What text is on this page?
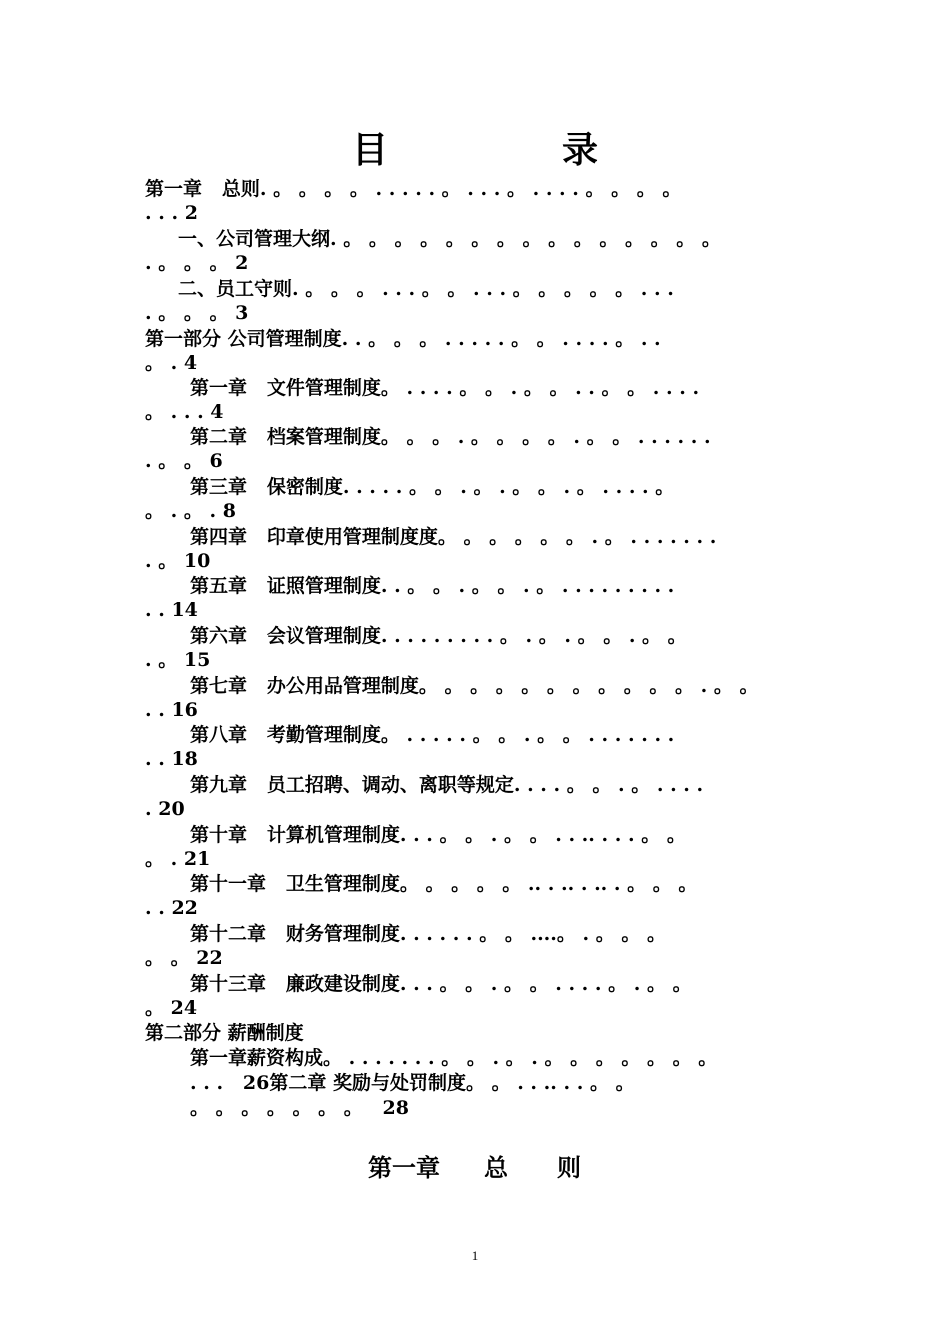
目	录
第一章   总则. 。 。 。 。 . . . . . 。 . . . 。 . . . . 。 。 。 。
. . . 2
一、公司管理大纲. 。 。 。 。 。 。 。 。 。 。 。 。 。 。 。
. 。 。 。 2
二、员工守则. 。 。 。 . . . 。 。 . . . 。 。 。 。 。 . . .
. 。 。 。 3
第一部分 公司管理制度. . 。 。 。 . . . . . 。 。 . . . . 。 . .
。 . 4
第一章   文件管理制度。 . . . . 。 。 . 。 。 . . 。 。 . . . .
。 . . . 4
第二章   档案管理制度。 。 。 . 。 。 。 。 . 。 。 . . . . . .
. 。 。 6
第三章   保密制度. . . . . 。 。 . 。 . 。 。 . 。 . . . . 。
。 . 。 . 8
第四章   印章使用管理制度度。 。 。 。 。 。 . 。 . . . . . . .
. 。 10
第五章   证照管理制度. . 。 。 . 。 。 . 。 . . . . . . . . .
. . 14
第六章   会议管理制度. . . . . . . . . 。 . 。 . 。 。 . 。 。
. 。 15
第七章   办公用品管理制度。 。 。 。 。 。 。 。 。 。 。 . 。 。
. . 16
第八章   考勤管理制度。 . . . . . 。 。 . 。 。 . . . . . . .
. . 18
第九章   员工招聘、调动、离职等规定. . . . 。 。 . 。 . . . .
. 20
第十章   计算机管理制度. . . 。 。 . 。 。 . . .. . . . 。 。
。 . 21
第十一章   卫生管理制度。 。 。 。 。 .. . .. . .. . 。 。 。
. . 22
第十二章   财务管理制度. . . . . . 。 。 ....。 . 。 。 。
。 。 22
第十三章   廉政建设制度. . . 。 。 . 。 。 . . . . 。 . 。 。
。 24
第二部分 薪酬制度
第一章薪资构成。 . . . . . . . 。 。 . 。 . 。 。 。 。 。 。 。
. . .   26第二章 奖励与处罚制度。 。 . . .. . . 。 。
。 。 。 。 。 。 。   28
第一章 总 则
1
